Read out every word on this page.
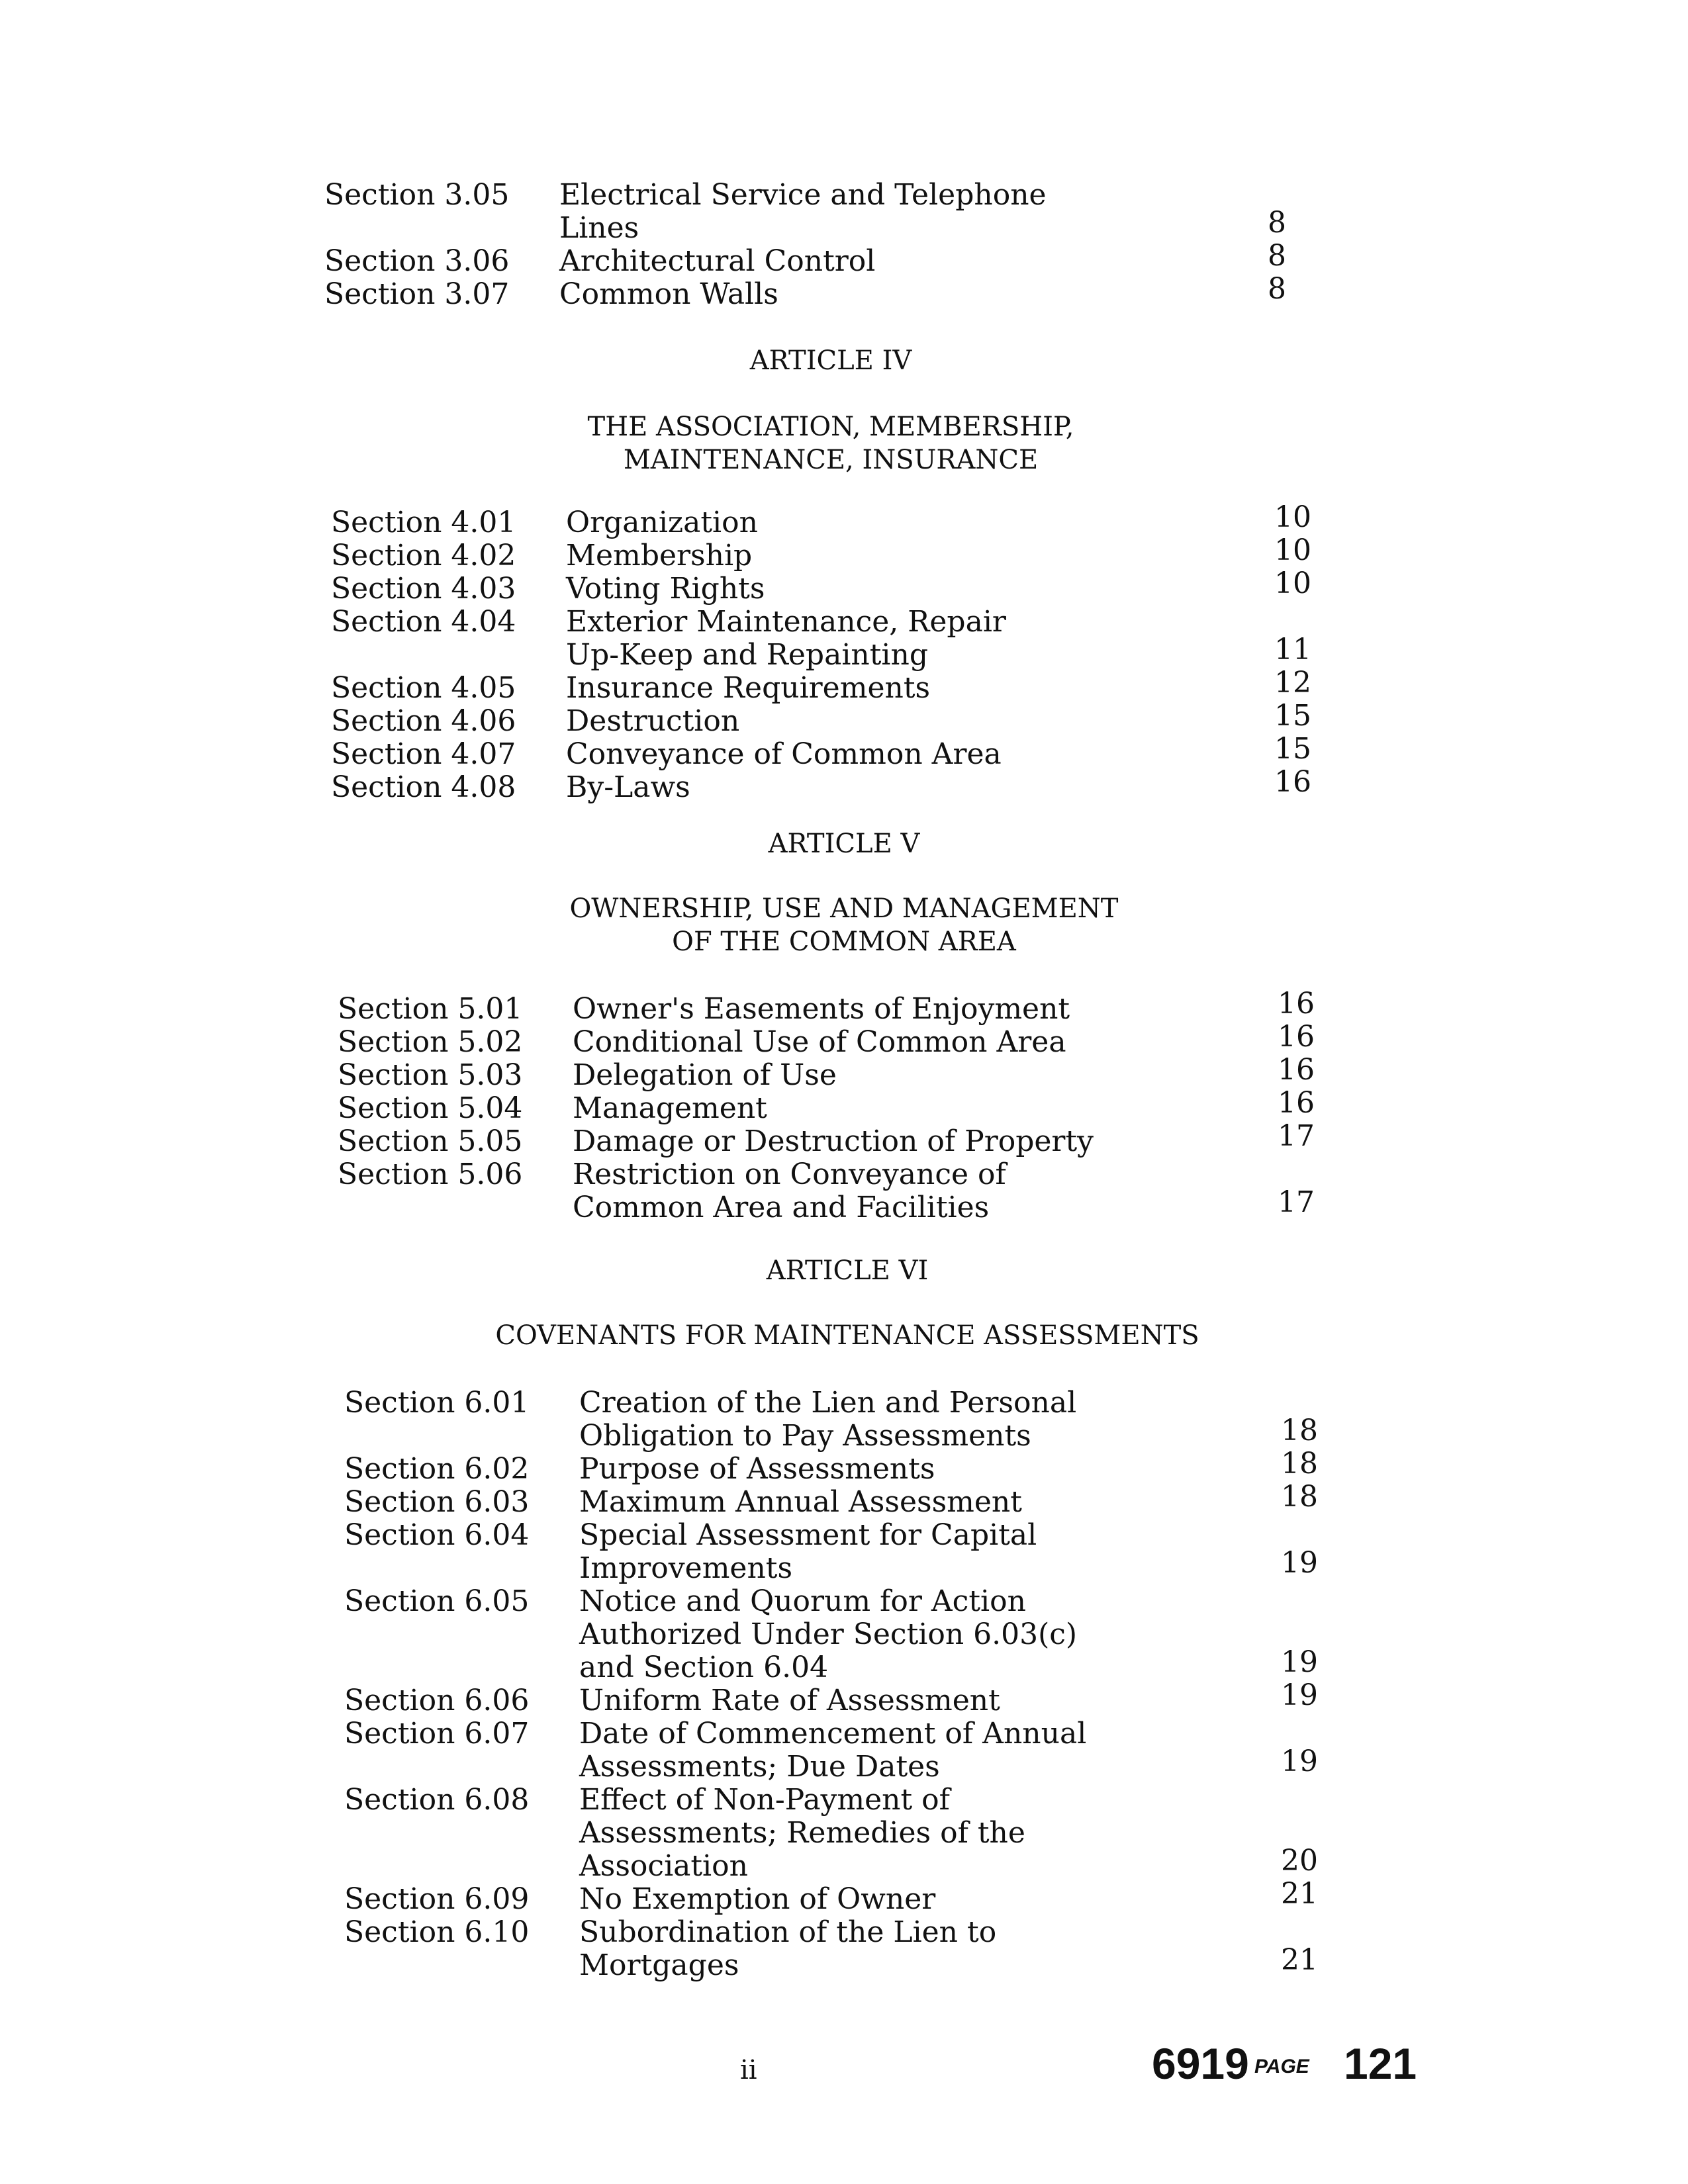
Section 3.05 Electrical Service and Telephone
Lines	8
Section 3.06 Architectural Control	8
Section 3.07 Common Walls	8
ARTICLE IV
THE ASSOCIATION, MEMBERSHIP,
MAINTENANCE, INSURANCE
Section 4.01 Organization	10
Section 4.02 Membership	10
Section 4.03 Voting Rights	10
Section 4.04 Exterior Maintenance, Repair
Up-Keep and Repainting	11
Section 4.05 Insurance Requirements	12
Section 4.06 Destruction	15
Section 4.07 Conveyance of Common Area	15
Section 4.08 By-Laws	16
ARTICLE V
OWNERSHIP, USE AND MANAGEMENT
OF THE COMMON AREA
Section 5.01 Owner's Easements of Enjoyment	16
Section 5.02 Conditional Use of Common Area	16
Section 5.03 Delegation of Use	16
Section 5.04 Management	16
Section 5.05 Damage or Destruction of Property	17
Section 5.06 Restriction on Conveyance of
Common Area and Facilities	17
ARTICLE VI
COVENANTS FOR MAINTENANCE ASSESSMENTS
Section 6.01 Creation of the Lien and Personal
Obligation to Pay Assessments	18
Section 6.02 Purpose of Assessments	18
Section 6.03 Maximum Annual Assessment	18
Section 6.04 Special Assessment for Capital
Improvements	19
Section 6.05 Notice and Quorum for Action
Authorized Under Section 6.03(c)
and Section 6.04	19
Section 6.06 Uniform Rate of Assessment	19
Section 6.07 Date of Commencement of Annual
Assessments; Due Dates	19
Section 6.08 Effect of Non-Payment of
Assessments; Remedies of the
Association	20
Section 6.09 No Exemption of Owner	21
Section 6.10 Subordination of the Lien to
Mortgages	21
ii	6919 PAGE 121
